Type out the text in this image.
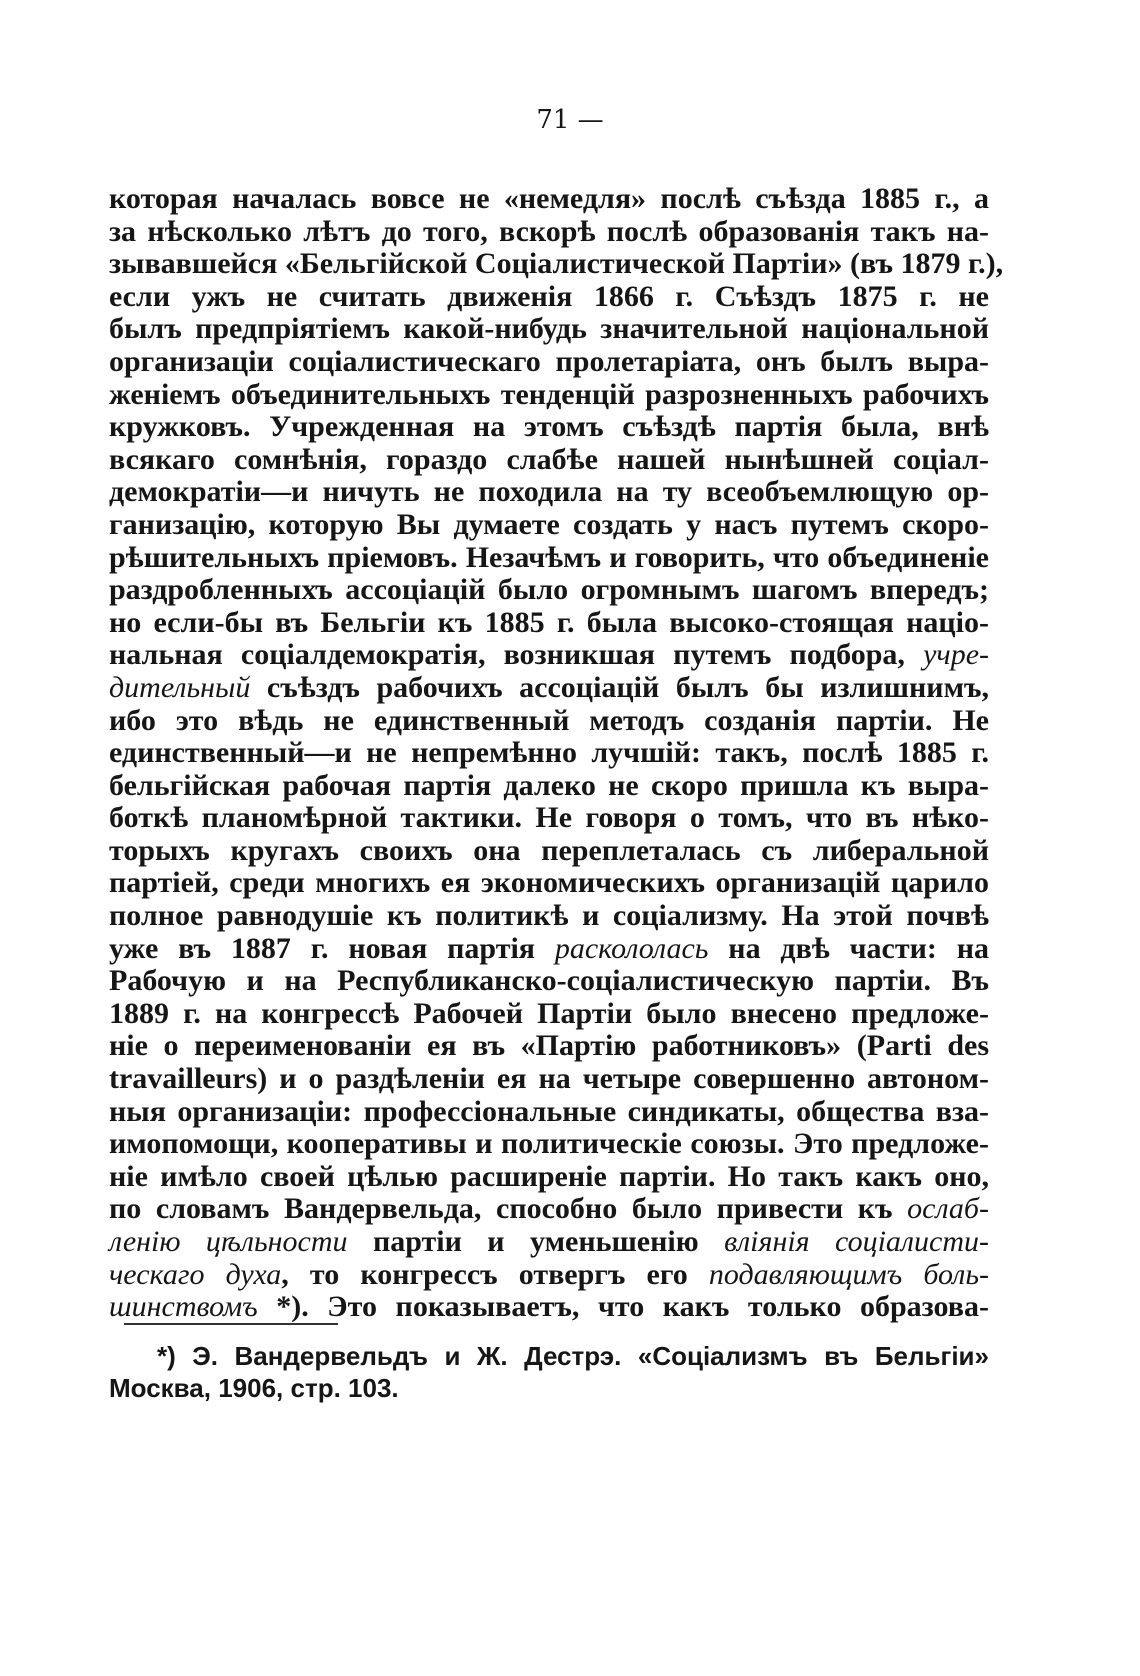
71 —
которая началась вовсе не «немедля» послѣ съѣзда 1885 г., а
за нѣсколько лѣтъ до того, вскорѣ послѣ образованія такъ на-
зывавшейся «Бельгійской Соціалистической Партіи» (въ 1879 г.),
если ужъ не считать движенія 1866 г. Съѣздъ 1875 г. не
былъ предпріятіемъ какой-нибудь значительной національной
организаціи соціалистическаго пролетаріата, онъ былъ выра-
женіемъ объединительныхъ тенденцій разрозненныхъ рабочихъ
кружковъ. Учрежденная на этомъ съѣздѣ партія была, внѣ
всякаго сомнѣнія, гораздо слабѣе нашей нынѣшней соціал-
демократіи—и ничуть не походила на ту всеобъемлющую ор-
ганизацію, которую Вы думаете создать у насъ путемъ скоро-
рѣшительныхъ пріемовъ. Незачѣмъ и говорить, что объединеніе
раздробленныхъ ассоціацій было огромнымъ шагомъ впередъ;
но если-бы въ Бельгіи къ 1885 г. была высоко-стоящая націо-
нальная соціалдемократія, возникшая путемъ подбора, учре-
дительный съѣздъ рабочихъ ассоціацій былъ бы излишнимъ,
ибо это вѣдь не единственный методъ созданія партіи. Не
единственный—и не непремѣнно лучшій: такъ, послѣ 1885 г.
бельгійская рабочая партія далеко не скоро пришла къ выра-
боткѣ планомѣрной тактики. Не говоря о томъ, что въ нѣко-
торыхъ кругахъ своихъ она переплеталась съ либеральной
партіей, среди многихъ ея экономическихъ организацій царило
полное равнодушіе къ политикѣ и соціализму. На этой почвѣ
уже въ 1887 г. новая партія раскололась на двѣ части: на
Рабочую и на Республиканско-соціалистическую партіи. Въ
1889 г. на конгрессѣ Рабочей Партіи было внесено предложе-
ніе о переименованіи ея въ «Партію работниковъ» (Parti des
travailleurs) и о раздѣленіи ея на четыре совершенно автоном-
ныя организаціи: профессіональные синдикаты, общества вза-
имопомощи, кооперативы и политическіе союзы. Это предложе-
ніе имѣло своей цѣлью расширеніе партіи. Но такъ какъ оно,
по словамъ Вандервельда, способно было привести къ ослаб-
ленію цѣльности партіи и уменьшенію вліянія соціалисти-
ческаго духа, то конгрессъ отвергъ его подавляющимъ боль-
шинствомъ *). Это показываетъ, что какъ только образова-
*) Э. Вандервельдъ и Ж. Дестрэ. «Соціализмъ въ Бельгіи»
Москва, 1906, стр. 103.
